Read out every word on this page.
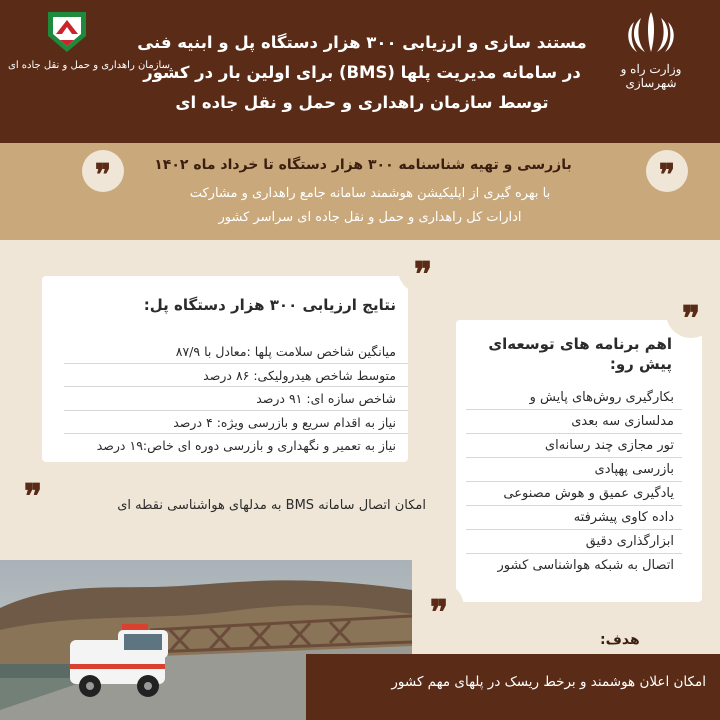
وزارت راه و شهرسازی
سازمان راهداری و حمل و نقل جاده ای
مستند سازی و ارزیابی ۳۰۰ هزار دستگاه پل و ابنیه فنی
در سامانه مدیریت پلها (BMS) برای اولین بار در کشور
توسط سازمان راهداری و حمل و نقل جاده ای
❞
❞	بازرسی و تهیه شناسنامه ۳۰۰ هزار دستگاه تا خرداد ماه ۱۴۰۲
با بهره گیری از اپلیکیشن هوشمند سامانه جامع راهداری و مشارکت
ادارات کل راهداری و حمل و نقل جاده ای سراسر کشور
نتایج ارزیابی ۳۰۰ هزار دستگاه پل:
میانگین شاخص سلامت پلها :معادل با ۸۷/۹
متوسط شاخص هیدرولیکی: ۸۶ درصد
شاخص سازه ای: ۹۱ درصد
نیاز به اقدام سریع و بازرسی ویژه: ۴ درصد
نیاز به تعمیر و نگهداری و بازرسی دوره ای خاص:۱۹ درصد
❞
اهم برنامه های توسعه‌ای
پیش رو:
بکارگیری روش‌های پایش و
مدلسازی سه بعدی
تور مجازی چند رسانه‌ای
بازرسی پهپادی
یادگیری عمیق و هوش مصنوعی
داده کاوی پیشرفته
ابزارگذاری دقیق
اتصال به شبکه هواشناسی کشور
❞
❞
❞	امکان اتصال سامانه BMS به مدلهای هواشناسی نقطه ای
هدف:
امکان اعلان هوشمند و برخط ریسک در پلهای مهم کشور
